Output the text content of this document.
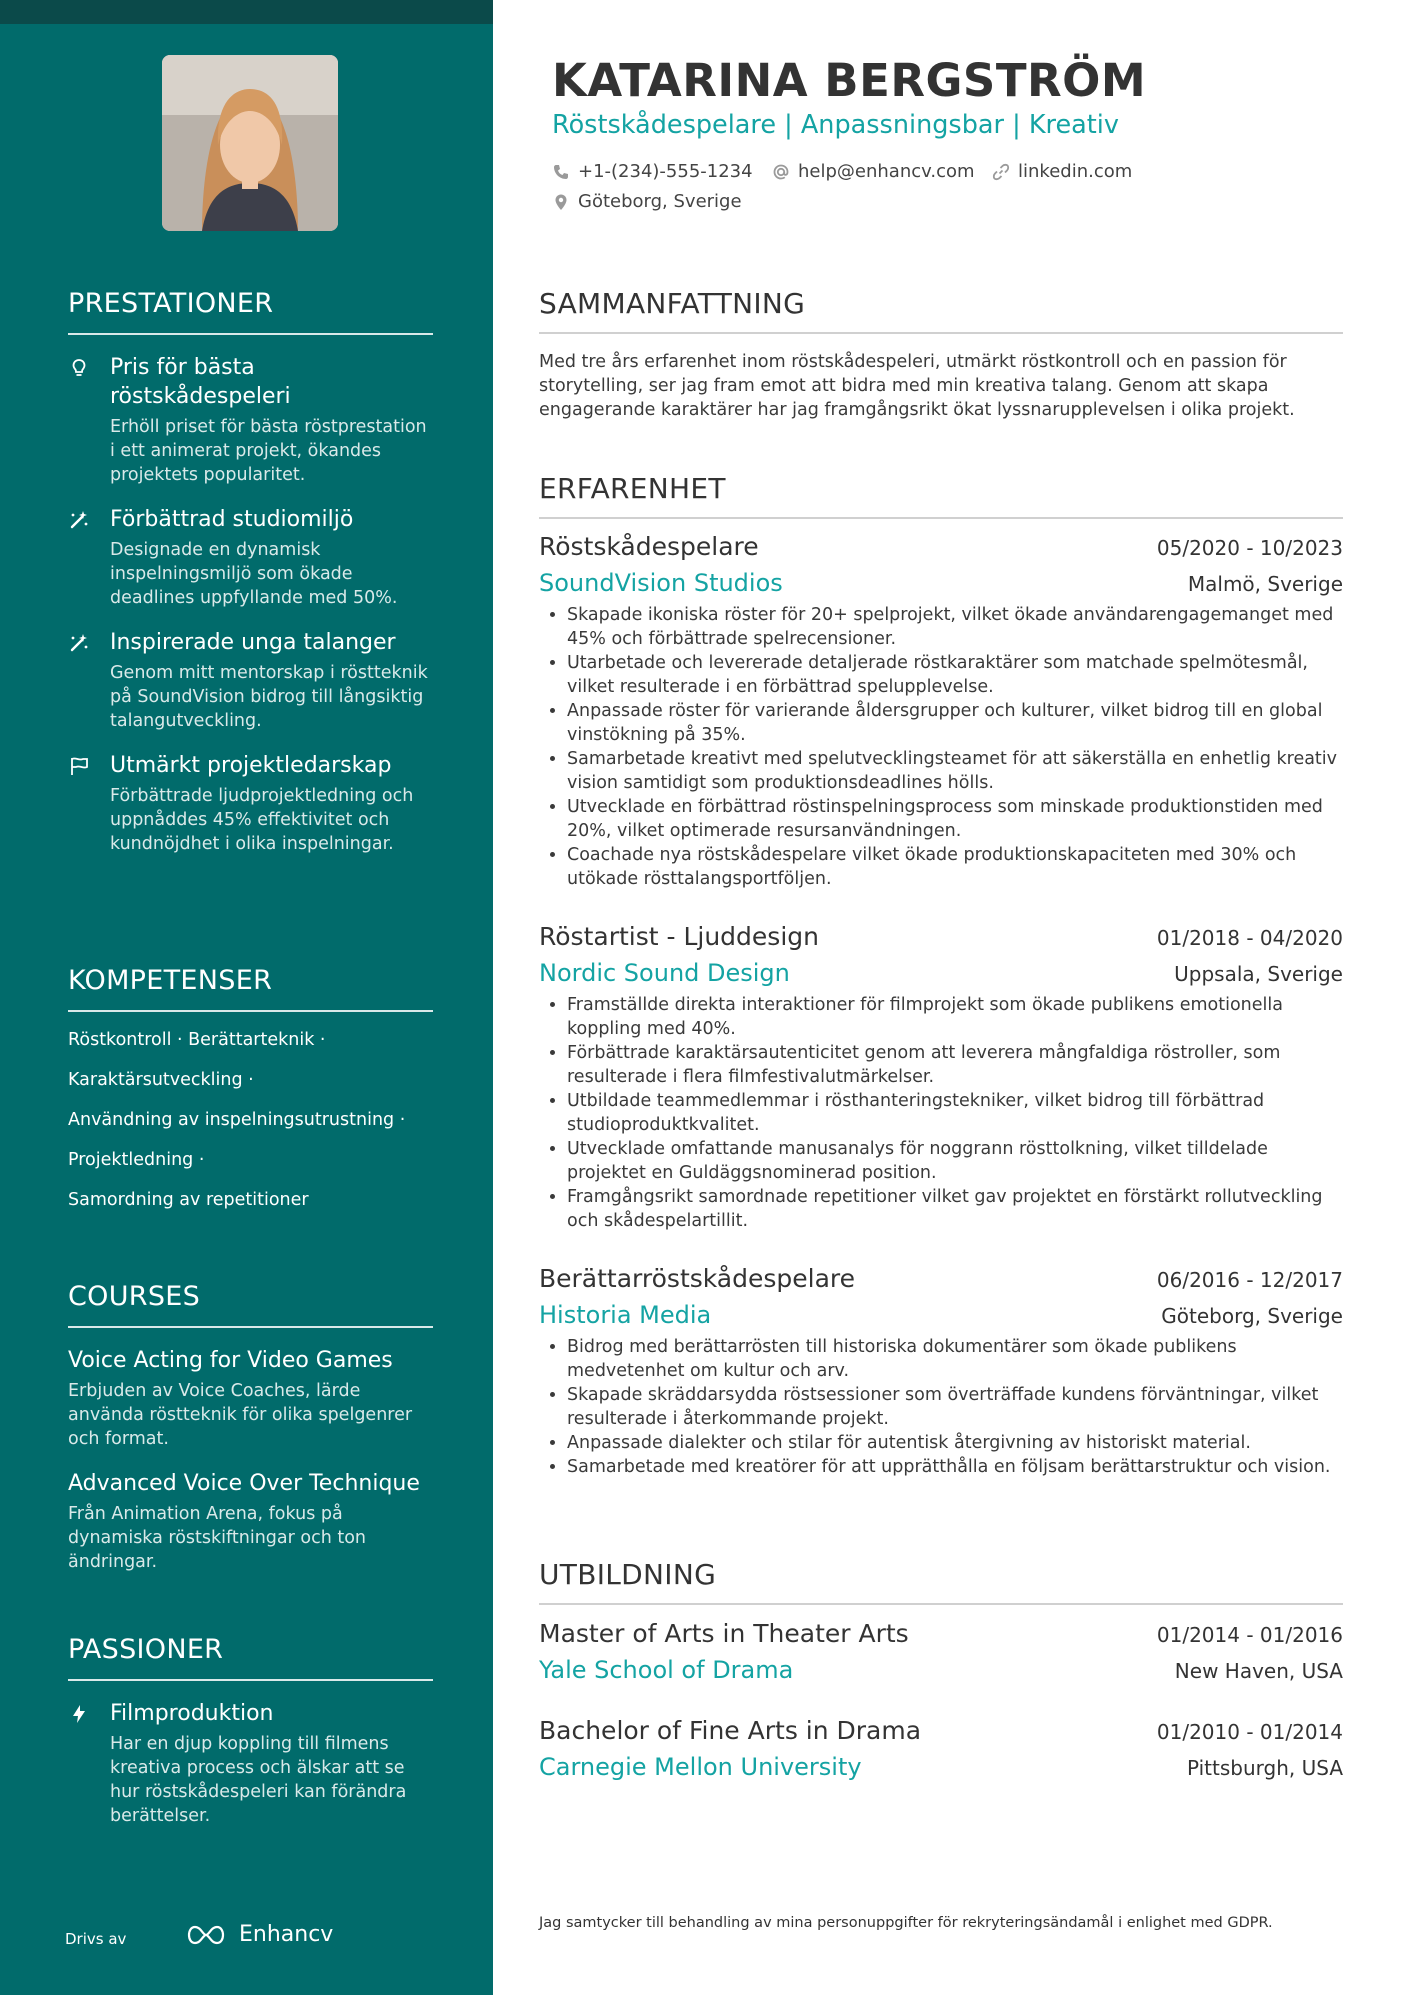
PRESTATIONER
Pris för bästa röstskådespeleri
Erhöll priset för bästa röstprestation i ett animerat projekt, ökandes projektets popularitet.
Förbättrad studiomiljö
Designade en dynamisk inspelningsmiljö som ökade deadlines uppfyllande med 50%.
Inspirerade unga talanger
Genom mitt mentorskap i röstteknik på SoundVision bidrog till långsiktig talangutveckling.
Utmärkt projektledarskap
Förbättrade ljudprojektledning och uppnåddes 45% effektivitet och kundnöjdhet i olika inspelningar.
KOMPETENSER
Röstkontroll · Berättarteknik ·
Karaktärsutveckling ·
Användning av inspelningsutrustning ·
Projektledning ·
Samordning av repetitioner
COURSES
Voice Acting for Video Games
Erbjuden av Voice Coaches, lärde använda röstteknik för olika spelgenrer och format.
Advanced Voice Over Technique
Från Animation Arena, fokus på dynamiska röstskiftningar och ton ändringar.
PASSIONER
Filmproduktion
Har en djup koppling till filmens kreativa process och älskar att se hur röstskådespeleri kan förändra berättelser.
Drivs av	Enhancv
KATARINA BERGSTRÖM
Röstskådespelare | Anpassningsbar | Kreativ
+1-(234)-555-1234	help@enhancv.com linkedin.com
Göteborg, Sverige
SAMMANFATTNING
Med tre års erfarenhet inom röstskådespeleri, utmärkt röstkontroll och en passion för storytelling, ser jag fram emot att bidra med min kreativa talang. Genom att skapa engagerande karaktärer har jag framgångsrikt ökat lyssnarupplevelsen i olika projekt.
ERFARENHET
Röstskådespelare	05/2020 - 10/2023
SoundVision Studios	Malmö, Sverige
• Skapade ikoniska röster för 20+ spelprojekt, vilket ökade användarengagemanget med 45% och förbättrade spelrecensioner.
• Utarbetade och levererade detaljerade röstkaraktärer som matchade spelmötesmål, vilket resulterade i en förbättrad spelupplevelse.
• Anpassade röster för varierande åldersgrupper och kulturer, vilket bidrog till en global vinstökning på 35%.
• Samarbetade kreativt med spelutvecklingsteamet för att säkerställa en enhetlig kreativ vision samtidigt som produktionsdeadlines hölls.
• Utvecklade en förbättrad röstinspelningsprocess som minskade produktionstiden med 20%, vilket optimerade resursanvändningen.
• Coachade nya röstskådespelare vilket ökade produktionskapaciteten med 30% och utökade rösttalangsportföljen.
Röstartist - Ljuddesign	01/2018 - 04/2020
Nordic Sound Design	Uppsala, Sverige
• Framställde direkta interaktioner för filmprojekt som ökade publikens emotionella koppling med 40%.
• Förbättrade karaktärsautenticitet genom att leverera mångfaldiga röstroller, som resulterade i flera filmfestivalutmärkelser.
• Utbildade teammedlemmar i rösthanteringstekniker, vilket bidrog till förbättrad studioproduktkvalitet.
• Utvecklade omfattande manusanalys för noggrann rösttolkning, vilket tilldelade projektet en Guldäggsnominerad position.
• Framgångsrikt samordnade repetitioner vilket gav projektet en förstärkt rollutveckling och skådespelartillit.
Berättarröstskådespelare	06/2016 - 12/2017
Historia Media	Göteborg, Sverige
• Bidrog med berättarrösten till historiska dokumentärer som ökade publikens medvetenhet om kultur och arv.
• Skapade skräddarsydda röstsessioner som överträffade kundens förväntningar, vilket resulterade i återkommande projekt.
• Anpassade dialekter och stilar för autentisk återgivning av historiskt material.
• Samarbetade med kreatörer för att upprätthålla en följsam berättarstruktur och vision.
UTBILDNING
Master of Arts in Theater Arts	01/2014 - 01/2016
Yale School of Drama	New Haven, USA
Bachelor of Fine Arts in Drama	01/2010 - 01/2014
Carnegie Mellon University	Pittsburgh, USA
Jag samtycker till behandling av mina personuppgifter för rekryteringsändamål i enlighet med GDPR.
